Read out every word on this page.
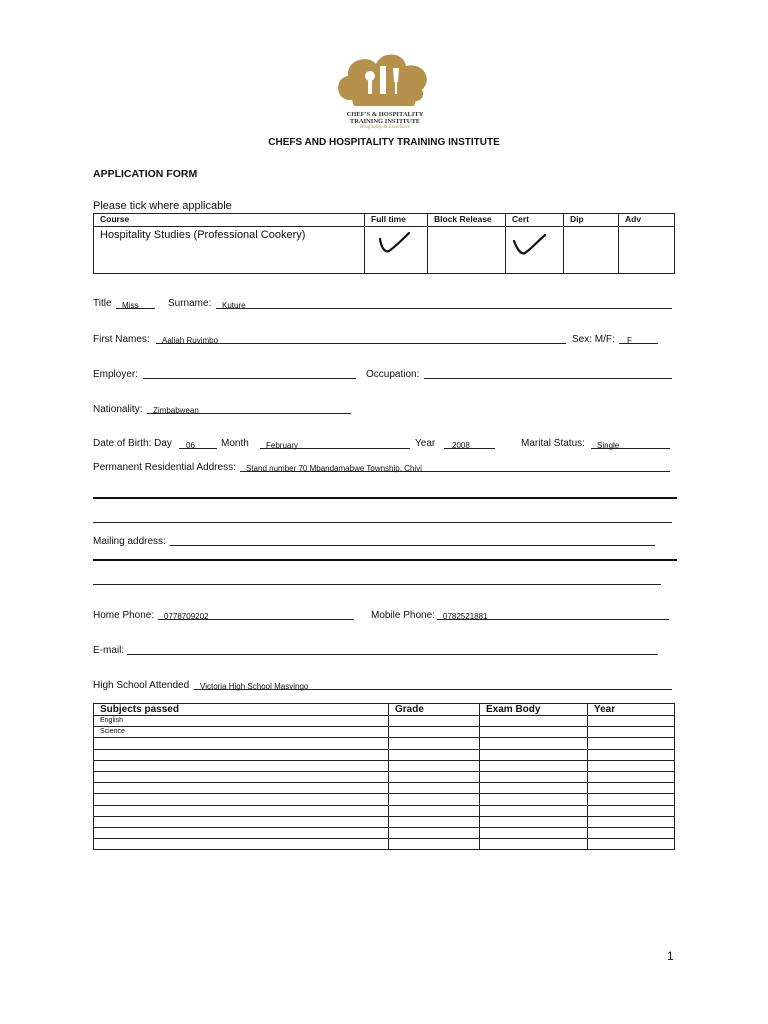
CHEF'S & HOSPITALITY
TRAINING INSTITUTE
Hospitality & Excellence
CHEFS AND HOSPITALITY TRAINING INSTITUTE
APPLICATION FORM
Please tick where applicable
Course	Full time	Block Release	Cert	Dip	Adv
Hospitality Studies (Professional Cookery)					
Title Miss	Surname: Kuture
First Names: Aaliah Ruvimbo	Sex: M/F: F
Employer:	Occupation:
Nationality: Zimbabwean
Date of Birth: Day 06	Month February	Year 2008	Marital Status: Single
Permanent Residential Address: Stand number 70 Mbandamabwe Township, Chivi
Mailing address:
Home Phone: 0778709202	Mobile Phone: 0782521881
E-mail:
High School Attended Victoria High School Masvingo
Subjects passed	Grade	Exam Body	Year
English			
Science			

1
